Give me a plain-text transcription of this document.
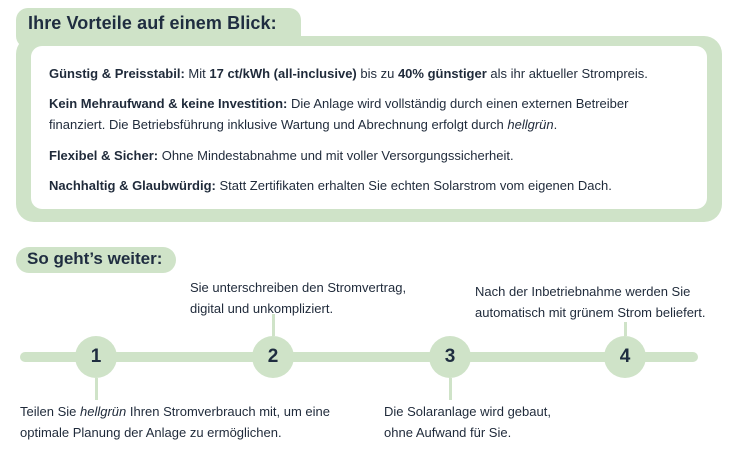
Ihre Vorteile auf einem Blick:

Günstig & Preisstabil: Mit 17 ct/kWh (all-inclusive) bis zu 40% günstiger als ihr aktueller Strompreis.

Kein Mehraufwand & keine Investition: Die Anlage wird vollständig durch einen externen Betreiber
finanziert. Die Betriebsführung inklusive Wartung und Abrechnung erfolgt durch hellgrün.

Flexibel & Sicher: Ohne Mindestabnahme und mit voller Versorgungssicherheit.

Nachhaltig & Glaubwürdig: Statt Zertifikaten erhalten Sie echten Solarstrom vom eigenen Dach.

So geht’s weiter:
1	2	3	4

Teilen Sie hellgrün Ihren Stromverbrauch mit, um eine
optimale Planung der Anlage zu ermöglichen.

Sie unterschreiben den Stromvertrag,
digital und unkompliziert.

Die Solaranlage wird gebaut,
ohne Aufwand für Sie.

Nach der Inbetriebnahme werden Sie
automatisch mit grünem Strom beliefert.
